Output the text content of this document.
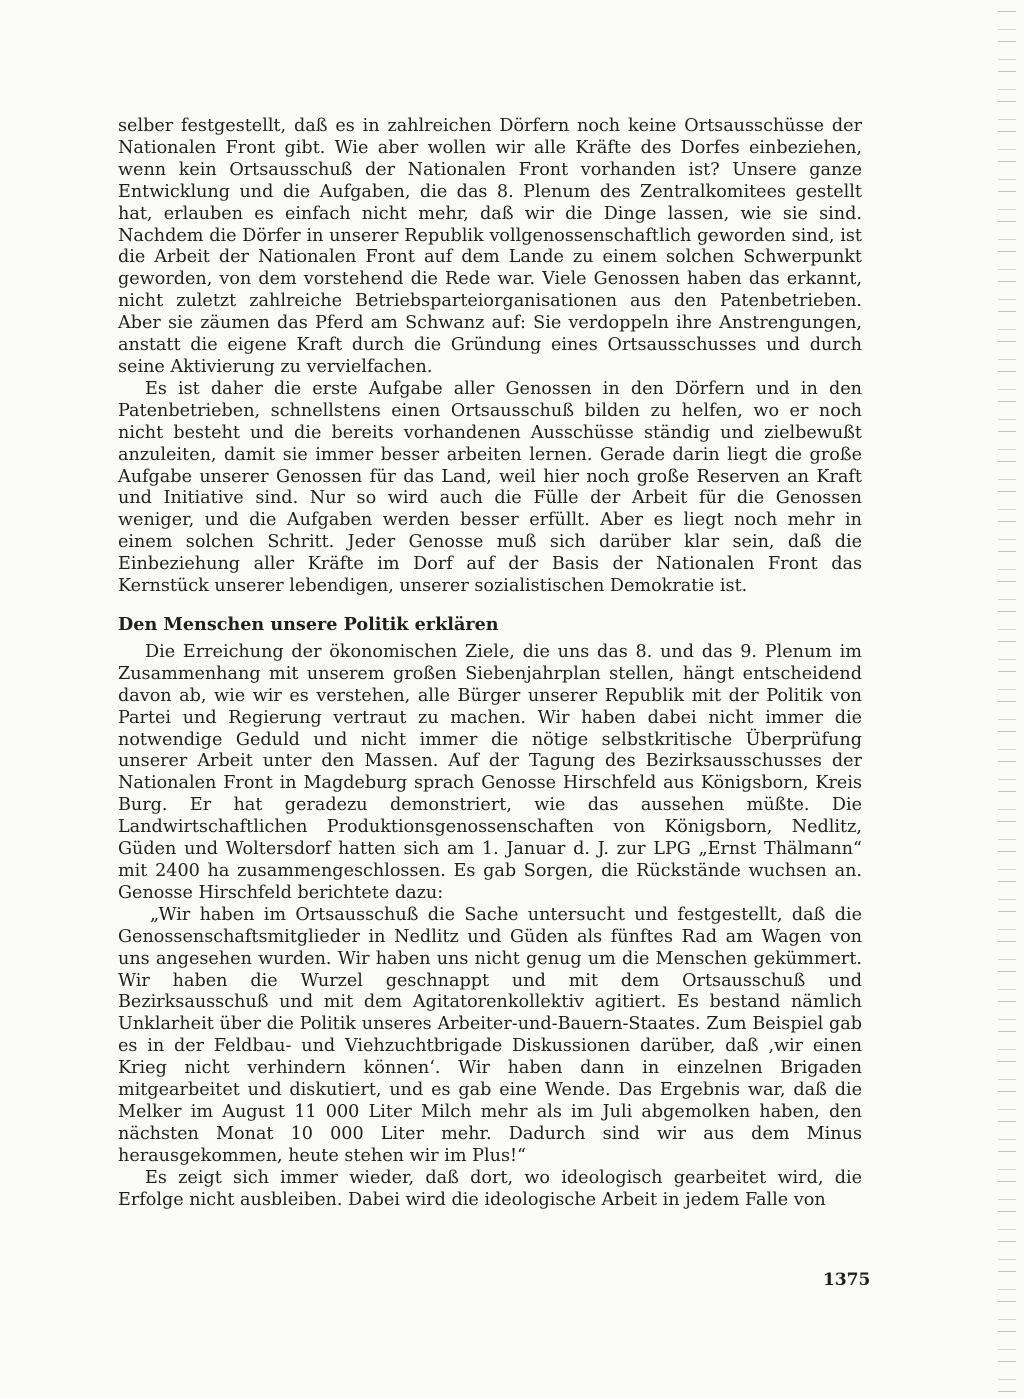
selber festgestellt, daß es in zahlreichen Dörfern noch keine Ortsausschüsse der Nationalen Front gibt. Wie aber wollen wir alle Kräfte des Dorfes einbeziehen, wenn kein Ortsausschuß der Nationalen Front vorhanden ist? Unsere ganze Entwicklung und die Aufgaben, die das 8. Plenum des Zentralkomitees gestellt hat, erlauben es einfach nicht mehr, daß wir die Dinge lassen, wie sie sind. Nachdem die Dörfer in unserer Republik vollgenossenschaftlich geworden sind, ist die Arbeit der Nationalen Front auf dem Lande zu einem solchen Schwerpunkt geworden, von dem vorstehend die Rede war. Viele Genossen haben das erkannt, nicht zuletzt zahlreiche Betriebsparteiorganisationen aus den Patenbetrieben. Aber sie zäumen das Pferd am Schwanz auf: Sie verdoppeln ihre Anstrengungen, anstatt die eigene Kraft durch die Gründung eines Ortsausschusses und durch seine Aktivierung zu vervielfachen.

Es ist daher die erste Aufgabe aller Genossen in den Dörfern und in den Patenbetrieben, schnellstens einen Ortsausschuß bilden zu helfen, wo er noch nicht besteht und die bereits vorhandenen Ausschüsse ständig und zielbewußt anzuleiten, damit sie immer besser arbeiten lernen. Gerade darin liegt die große Aufgabe unserer Genossen für das Land, weil hier noch große Reserven an Kraft und Initiative sind. Nur so wird auch die Fülle der Arbeit für die Genossen weniger, und die Aufgaben werden besser erfüllt. Aber es liegt noch mehr in einem solchen Schritt. Jeder Genosse muß sich darüber klar sein, daß die Einbeziehung aller Kräfte im Dorf auf der Basis der Nationalen Front das Kernstück unserer lebendigen, unserer sozialistischen Demokratie ist.

Den Menschen unsere Politik erklären

Die Erreichung der ökonomischen Ziele, die uns das 8. und das 9. Plenum im Zusammenhang mit unserem großen Siebenjahrplan stellen, hängt entscheidend davon ab, wie wir es verstehen, alle Bürger unserer Republik mit der Politik von Partei und Regierung vertraut zu machen. Wir haben dabei nicht immer die notwendige Geduld und nicht immer die nötige selbstkritische Überprüfung unserer Arbeit unter den Massen. Auf der Tagung des Bezirksausschusses der Nationalen Front in Magdeburg sprach Genosse Hirschfeld aus Königsborn, Kreis Burg. Er hat geradezu demonstriert, wie das aussehen müßte. Die Landwirtschaftlichen Produktionsgenossenschaften von Königsborn, Nedlitz, Güden und Woltersdorf hatten sich am 1. Januar d. J. zur LPG „Ernst Thälmann“ mit 2400 ha zusammengeschlossen. Es gab Sorgen, die Rückstände wuchsen an. Genosse Hirschfeld berichtete dazu:

„Wir haben im Ortsausschuß die Sache untersucht und festgestellt, daß die Genossenschaftsmitglieder in Nedlitz und Güden als fünftes Rad am Wagen von uns angesehen wurden. Wir haben uns nicht genug um die Menschen gekümmert. Wir haben die Wurzel geschnappt und mit dem Ortsausschuß und Bezirksausschuß und mit dem Agitatorenkollektiv agitiert. Es bestand nämlich Unklarheit über die Politik unseres Arbeiter-und-Bauern-Staates. Zum Beispiel gab es in der Feldbau- und Viehzuchtbrigade Diskussionen darüber, daß ‚wir einen Krieg nicht verhindern können‘. Wir haben dann in einzelnen Brigaden mitgearbeitet und diskutiert, und es gab eine Wende. Das Ergebnis war, daß die Melker im August 11 000 Liter Milch mehr als im Juli abgemolken haben, den nächsten Monat 10 000 Liter mehr. Dadurch sind wir aus dem Minus herausgekommen, heute stehen wir im Plus!“

Es zeigt sich immer wieder, daß dort, wo ideologisch gearbeitet wird, die Erfolge nicht ausbleiben. Dabei wird die ideologische Arbeit in jedem Falle von

1375
